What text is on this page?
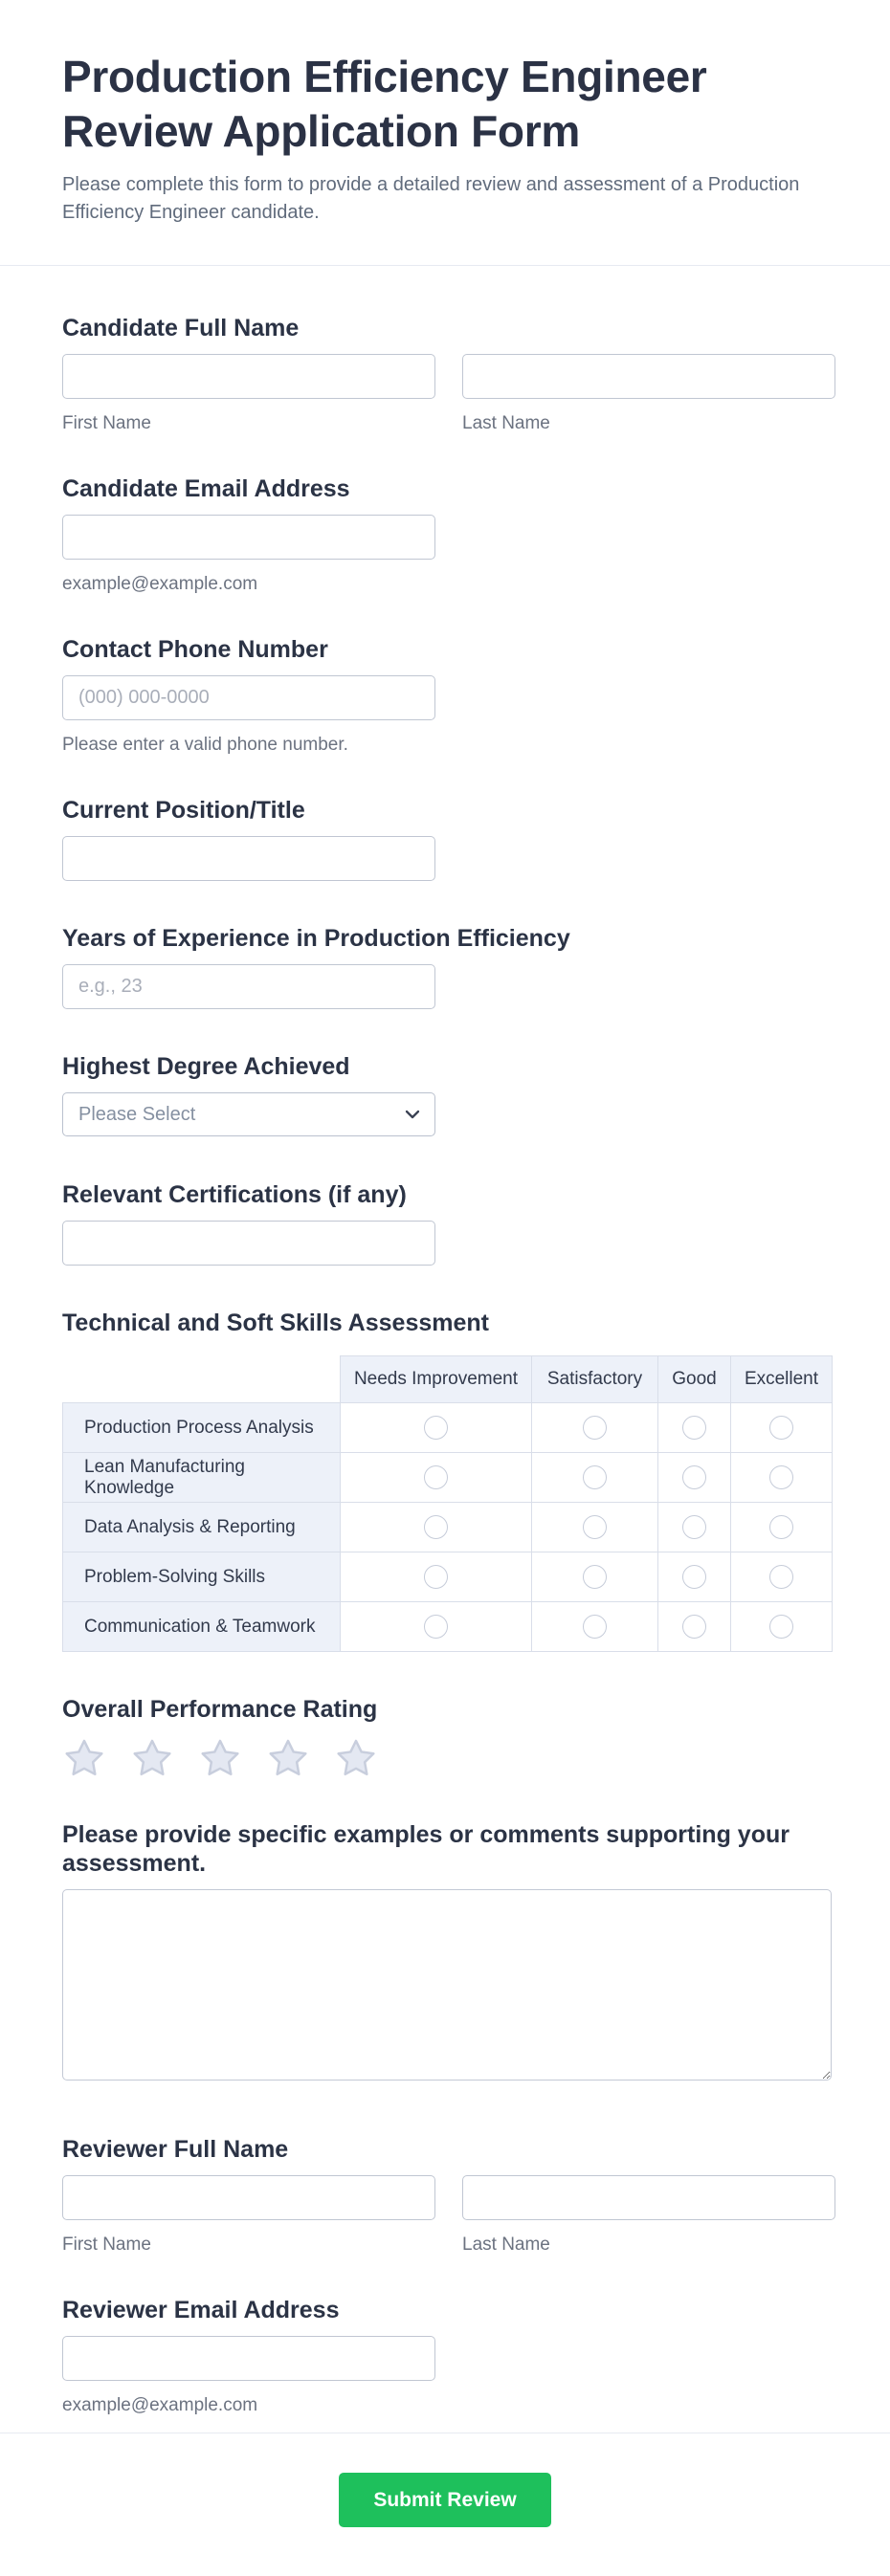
Production Efficiency Engineer Review Application Form
Please complete this form to provide a detailed review and assessment of a Production Efficiency Engineer candidate.
Candidate Full Name
First Name	Last Name
Candidate Email Address
example@example.com
Contact Phone Number
(000) 000-0000
Please enter a valid phone number.
Current Position/Title
Years of Experience in Production Efficiency
e.g., 23
Highest Degree Achieved
Please Select
Relevant Certifications (if any)
Technical and Soft Skills Assessment
	Needs Improvement	Satisfactory	Good	Excellent
Production Process Analysis				
Lean Manufacturing Knowledge				
Data Analysis & Reporting				
Problem-Solving Skills				
Communication & Teamwork				
Overall Performance Rating
Please provide specific examples or comments supporting your assessment.
Reviewer Full Name
First Name	Last Name
Reviewer Email Address
example@example.com
Submit Review
